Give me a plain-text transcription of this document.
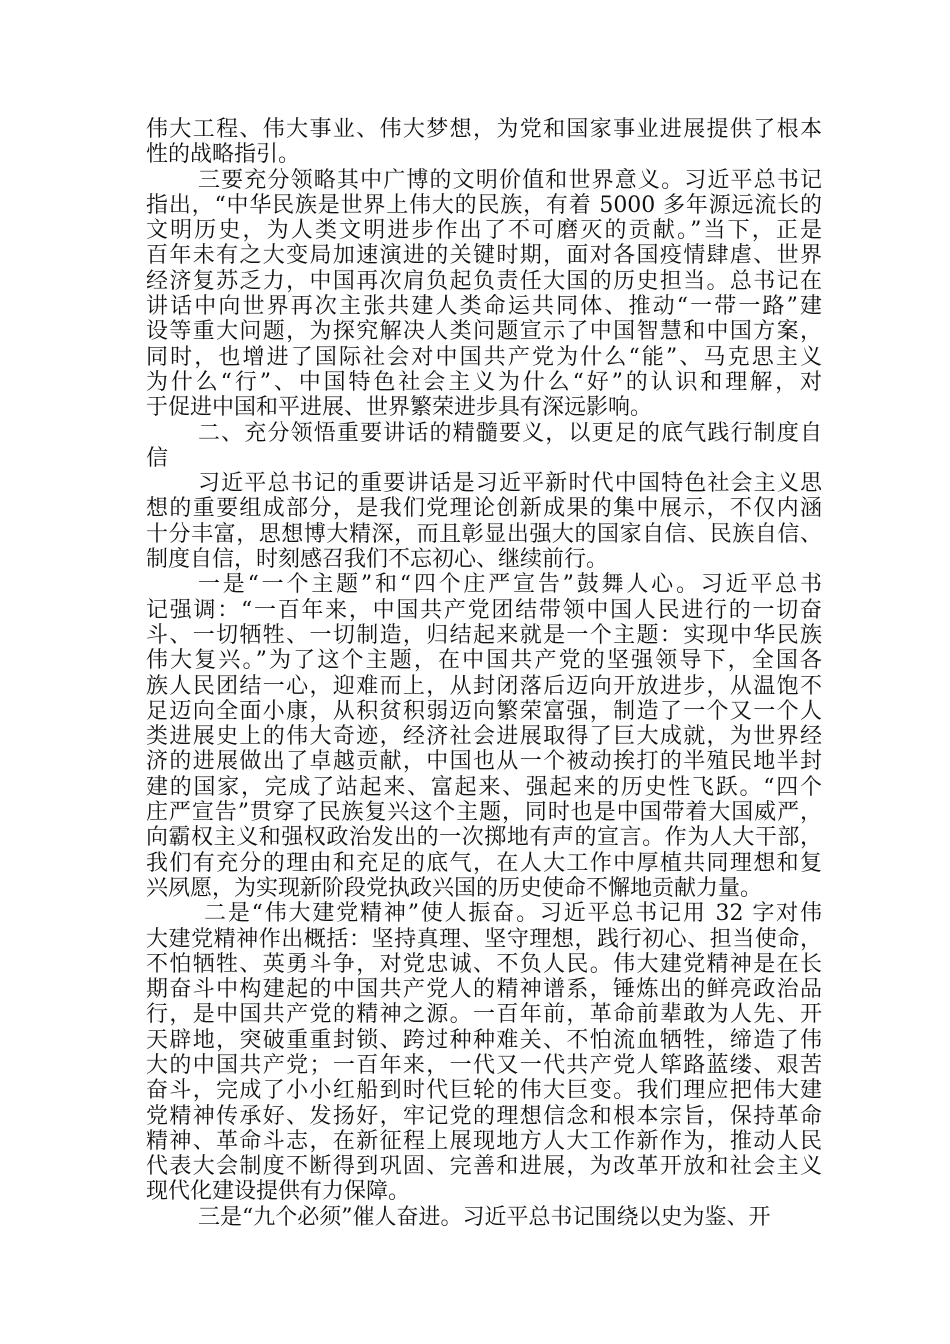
伟大工程、伟大事业、伟大梦想，为党和国家事业进展提供了根本
性的战略指引。
三要充分领略其中广博的文明价值和世界意义。习近平总书记
指出，“中华民族是世界上伟大的民族，有着 5000 多年源远流长的
文明历史，为人类文明进步作出了不可磨灭的贡献。”当下，正是
百年未有之大变局加速演进的关键时期，面对各国疫情肆虐、世界
经济复苏乏力，中国再次肩负起负责任大国的历史担当。总书记在
讲话中向世界再次主张共建人类命运共同体、推动“一带一路”建
设等重大问题，为探究解决人类问题宣示了中国智慧和中国方案，
同时，也增进了国际社会对中国共产党为什么“能”、马克思主义
为什么“行”、中国特色社会主义为什么“好”的认识和理解，对
于促进中国和平进展、世界繁荣进步具有深远影响。
二、充分领悟重要讲话的精髓要义，以更足的底气践行制度自
信
习近平总书记的重要讲话是习近平新时代中国特色社会主义思
想的重要组成部分，是我们党理论创新成果的集中展示，不仅内涵
十分丰富，思想博大精深，而且彰显出强大的国家自信、民族自信、
制度自信，时刻感召我们不忘初心、继续前行。
一是“一个主题”和“四个庄严宣告”鼓舞人心。习近平总书
记强调：“一百年来，中国共产党团结带领中国人民进行的一切奋
斗、一切牺牲、一切制造，归结起来就是一个主题：实现中华民族
伟大复兴。”为了这个主题，在中国共产党的坚强领导下，全国各
族人民团结一心，迎难而上，从封闭落后迈向开放进步，从温饱不
足迈向全面小康，从积贫积弱迈向繁荣富强，制造了一个又一个人
类进展史上的伟大奇迹，经济社会进展取得了巨大成就，为世界经
济的进展做出了卓越贡献，中国也从一个被动挨打的半殖民地半封
建的国家，完成了站起来、富起来、强起来的历史性飞跃。“四个
庄严宣告”贯穿了民族复兴这个主题，同时也是中国带着大国威严，
向霸权主义和强权政治发出的一次掷地有声的宣言。作为人大干部，
我们有充分的理由和充足的底气，在人大工作中厚植共同理想和复
兴夙愿，为实现新阶段党执政兴国的历史使命不懈地贡献力量。
二是“伟大建党精神”使人振奋。习近平总书记用 32 字对伟
大建党精神作出概括：坚持真理、坚守理想，践行初心、担当使命，
不怕牺牲、英勇斗争，对党忠诚、不负人民。伟大建党精神是在长
期奋斗中构建起的中国共产党人的精神谱系，锤炼出的鲜亮政治品
行，是中国共产党的精神之源。一百年前，革命前辈敢为人先、开
天辟地，突破重重封锁、跨过种种难关、不怕流血牺牲，缔造了伟
大的中国共产党；一百年来，一代又一代共产党人筚路蓝缕、艰苦
奋斗，完成了小小红船到时代巨轮的伟大巨变。我们理应把伟大建
党精神传承好、发扬好，牢记党的理想信念和根本宗旨，保持革命
精神、革命斗志，在新征程上展现地方人大工作新作为，推动人民
代表大会制度不断得到巩固、完善和进展，为改革开放和社会主义
现代化建设提供有力保障。
三是“九个必须”催人奋进。习近平总书记围绕以史为鉴、开
